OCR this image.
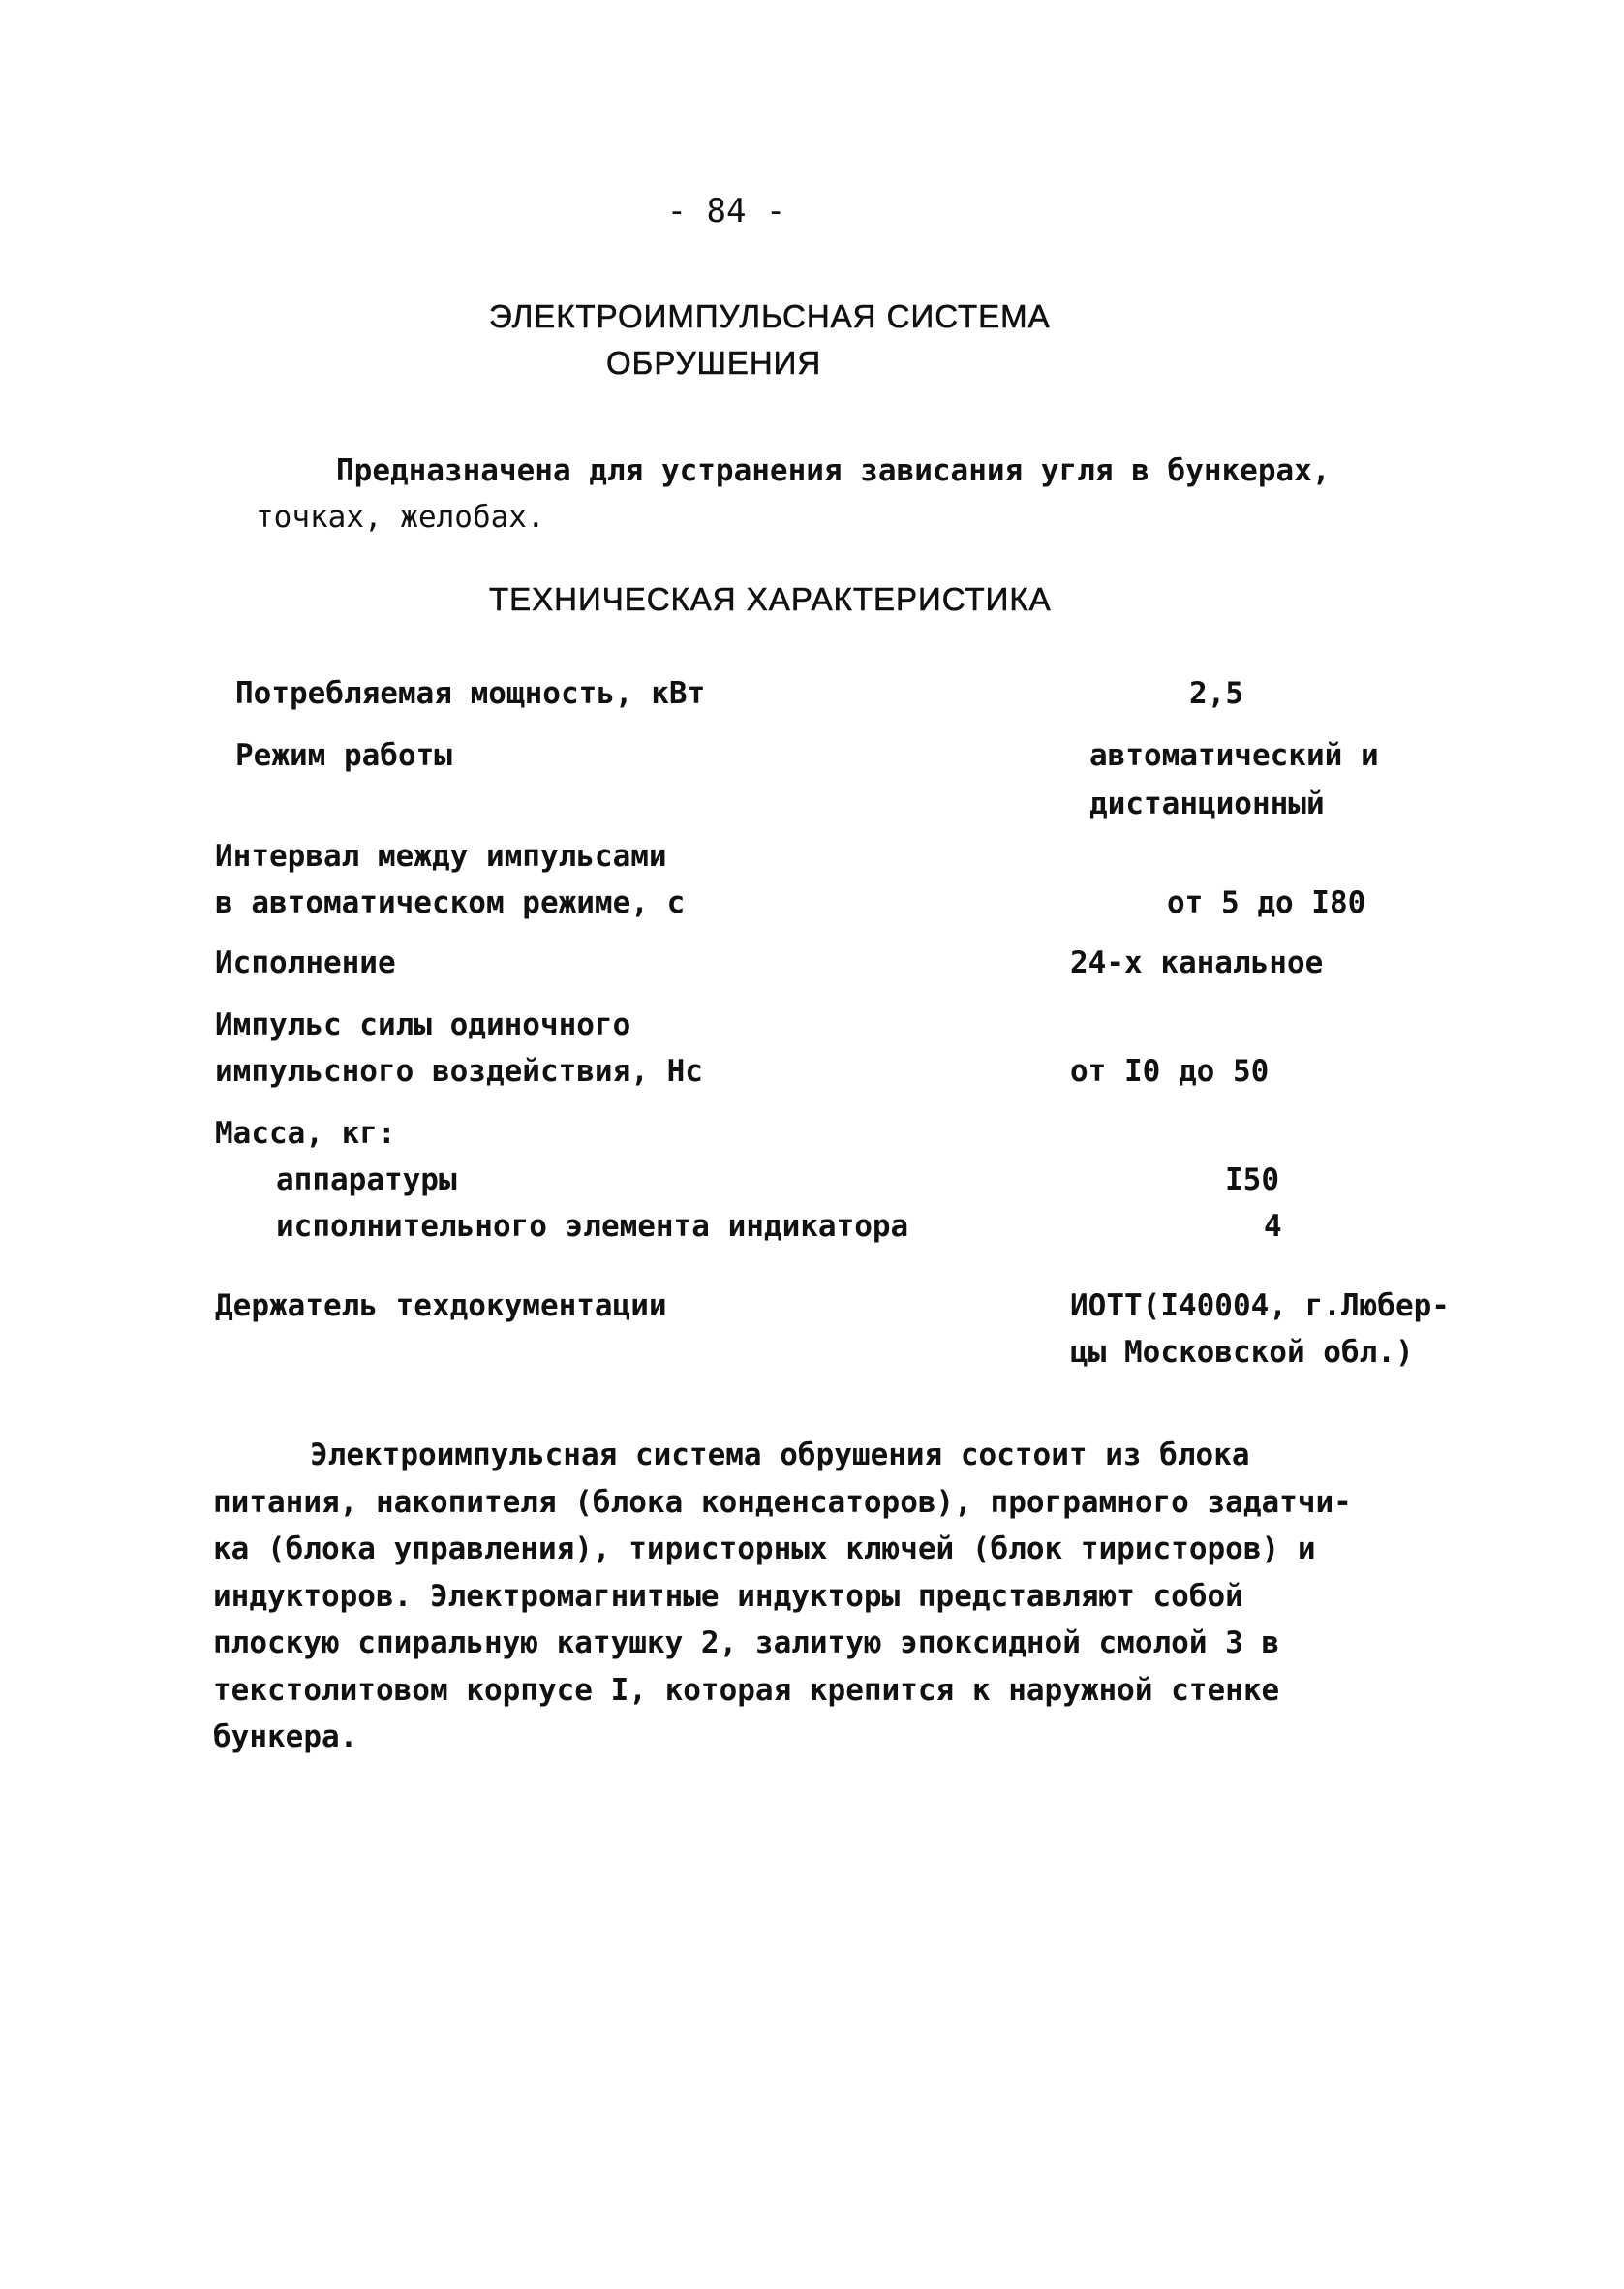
- 84 -
ЭЛЕКТРОИМПУЛЬСНАЯ СИСТЕМА
ОБРУШЕНИЯ
Предназначена для устранения зависания угля в бункерах,
точках, желобах.
ТЕХНИЧЕСКАЯ ХАРАКТЕРИСТИКА
Потребляемая мощность, кВт	2,5
Режим работы	автоматический и
дистанционный
Интервал между импульсами
в автоматическом режиме, с	от 5 до I80
Исполнение	24-х канальное
Импульс силы одиночного
импульсного воздействия, Нс	от I0 до 50
Масса, кг:
аппаратуры	I50
исполнительного элемента индикатора	4
Держатель техдокументации	ИОТТ(I40004, г.Любер-
цы Московской обл.)
Электроимпульсная система обрушения состоит из блока
питания, накопителя (блока конденсаторов), програмного задатчи-
ка (блока управления), тиристорных ключей (блок тиристоров) и
индукторов. Электромагнитные индукторы представляют собой
плоскую спиральную катушку 2, залитую эпоксидной смолой 3 в
текстолитовом корпусе I, которая крепится к наружной стенке
бункера.
